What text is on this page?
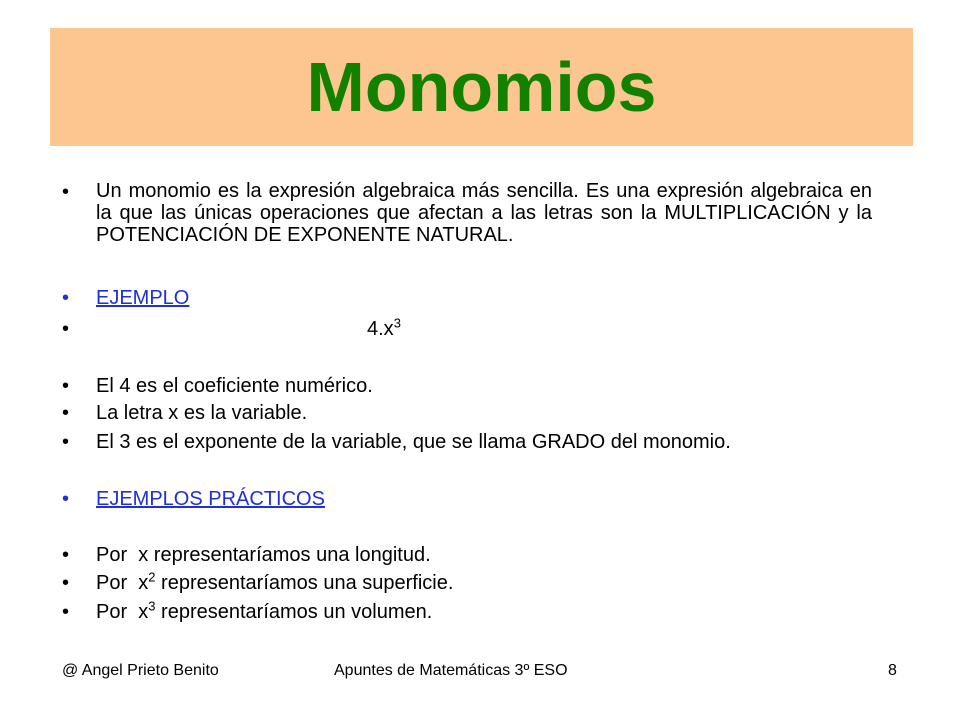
Monomios
• Un monomio es la expresión algebraica más sencilla. Es una expresión algebraica en la que las únicas operaciones que afectan a las letras son la MULTIPLICACIÓN y la POTENCIACIÓN DE EXPONENTE NATURAL.
• EJEMPLO
•	$4.x^3$
• El 4 es el coeficiente numérico.
• La letra x es la variable.
• El 3 es el exponente de la variable, que se llama GRADO del monomio.
• EJEMPLOS PRÁCTICOS
• Por  x representaríamos una longitud.
• Por  $x^2$ representaríamos una superficie.
• Por  $x^3$ representaríamos un volumen.
@ Angel Prieto Benito	Apuntes de Matemáticas 3º ESO	8
